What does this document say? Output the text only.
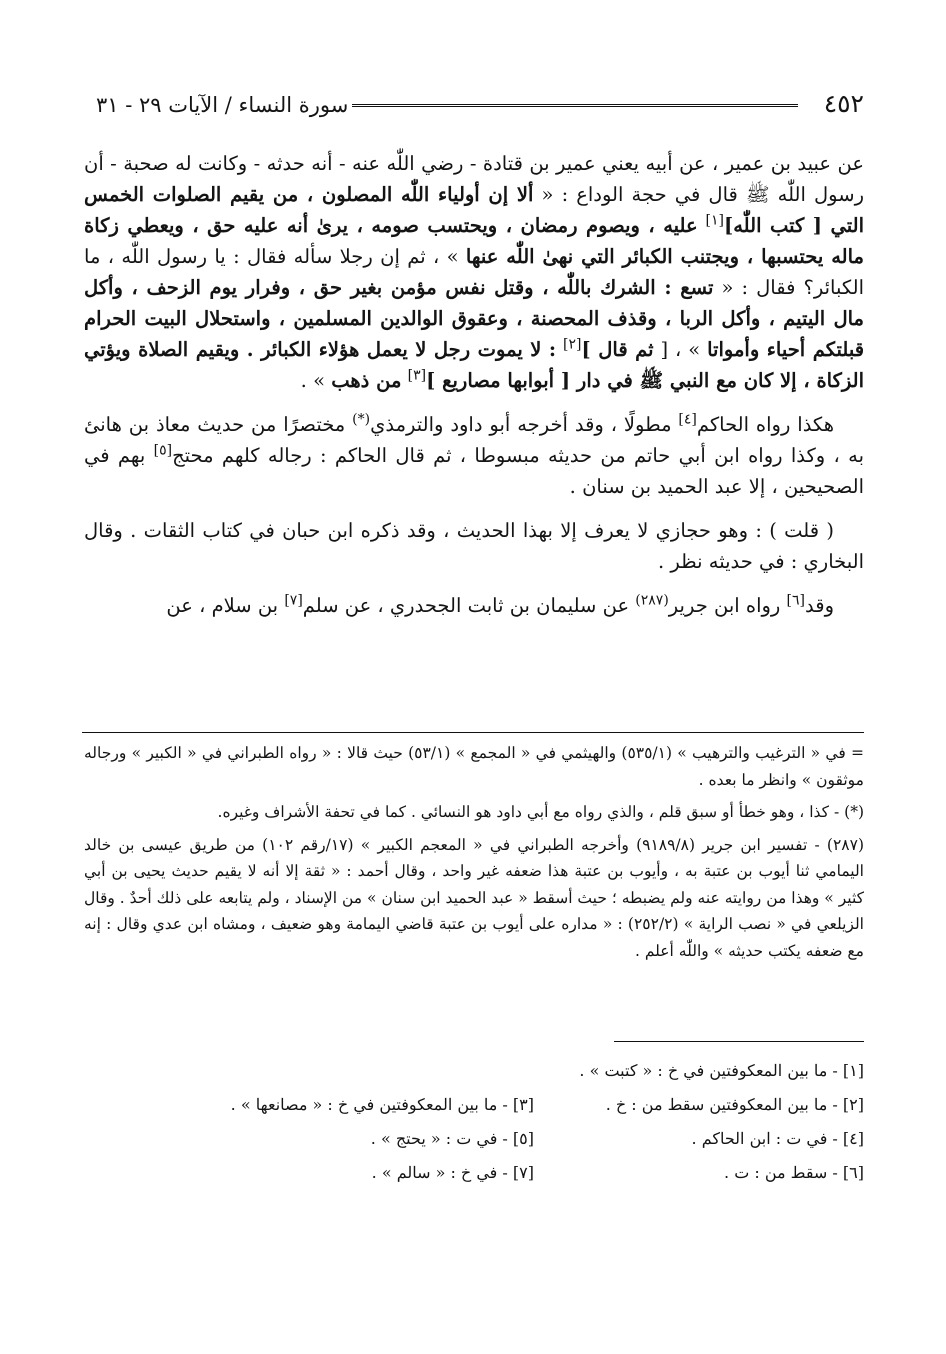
٤٥٢
سورة النساء / الآيات ٢٩ - ٣١

عن عبيد بن عمير ، عن أبيه يعني عمير بن قتادة - رضي اللّٰه عنه - أنه حدثه - وكانت له صحبة - أن رسول اللّٰه ﷺ قال في حجة الوداع : « ألا إن أولياء اللّٰه المصلون ، من يقيم الصلوات الخمس التي [ كتب اللّٰه][١] عليه ، ويصوم رمضان ، ويحتسب صومه ، يرىٰ أنه عليه حق ، ويعطي زكاة ماله يحتسبها ، ويجتنب الكبائر التي نهىٰ اللّٰه عنها » ، ثم إن رجلا سأله فقال : يا رسول اللّٰه ، ما الكبائر؟ فقال : « تسع : الشرك باللّٰه ، وقتل نفس مؤمن بغير حق ، وفرار يوم الزحف ، وأكل مال اليتيم ، وأكل الربا ، وقذف المحصنة ، وعقوق الوالدين المسلمين ، واستحلال البيت الحرام قبلتكم أحياء وأمواتا » ، [ ثم قال ][٢] : لا يموت رجل لا يعمل هؤلاء الكبائر . ويقيم الصلاة ويؤتي الزكاة ، إلا كان مع النبي ﷺ في دار [ أبوابها مصاريع ][٣] من ذهب » .

هكذا رواه الحاكم[٤] مطولًا ، وقد أخرجه أبو داود والترمذي(*) مختصرًا من حديث معاذ بن هانئ به ، وكذا رواه ابن أبي حاتم من حديثه مبسوطا ، ثم قال الحاكم : رجاله كلهم محتج[٥] بهم في الصحيحين ، إلا عبد الحميد بن سنان .

( قلت ) : وهو حجازي لا يعرف إلا بهذا الحديث ، وقد ذكره ابن حبان في كتاب الثقات . وقال البخاري : في حديثه نظر .

وقد[٦] رواه ابن جرير$^{(٢٨٧)}$ عن سليمان بن ثابت الجحدري ، عن سلم[٧] بن سلام ، عن

= في « الترغيب والترهيب » (٥٣٥/١) والهيثمي في « المجمع » (٥٣/١) حيث قالا : « رواه الطبراني في « الكبير » ورجاله موثقون » وانظر ما بعده .

(*) - كذا ، وهو خطأ أو سبق قلم ، والذي رواه مع أبي داود هو النسائي . كما في تحفة الأشراف وغيره.

(٢٨٧) - تفسير ابن جرير (٩١٨٩/٨) وأخرجه الطبراني في « المعجم الكبير » (١٧/رقم ١٠٢) من طريق عيسى بن خالد اليمامي ثنا أيوب بن عتبة به ، وأيوب بن عتبة هذا ضعفه غير واحد ، وقال أحمد : « ثقة إلا أنه لا يقيم حديث يحيى بن أبي كثير » وهذا من روايته عنه ولم يضبطه ؛ حيث أسقط « عبد الحميد ابن سنان » من الإسناد ، ولم يتابعه على ذلك أحدٌ . وقال الزيلعي في « نصب الراية » (٢٥٢/٢) : « مداره على أيوب بن عتبة قاضي اليمامة وهو ضعيف ، ومشاه ابن عدي وقال : إنه مع ضعفه يكتب حديثه » واللّٰه أعلم .

[١] - ما بين المعكوفتين في خ : « كتبت » .
[٢] - ما بين المعكوفتين سقط من : خ .
[٣] - ما بين المعكوفتين في خ : « مصانعها » .
[٤] - في ت : ابن الحاكم .
[٥] - في ت : « يحتج » .
[٦] - سقط من : ت .
[٧] - في خ : « سالم » .
